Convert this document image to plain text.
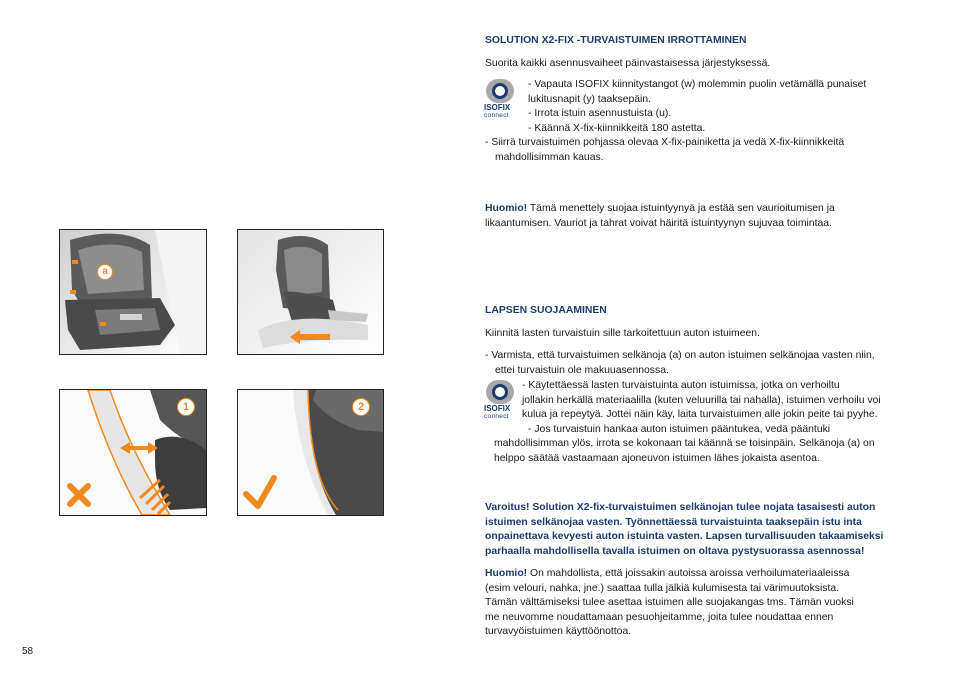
a
1	2
58
SOLUTION X2-FIX -TURVAISTUIMEN IRROTTAMINEN
Suorita kaikki asennusvaiheet päinvastaisessa järjestyksessä.
ISOFIX
connect
- Vapauta ISOFIX kiinnitystangot (w) molemmin puolin vetämällä punaiset
lukitusnapit (y) taaksepäin.
- Irrota istuin asennustuista (u).
- Käännä X-fix-kiinnikkeitä 180 astetta.
- Siirrä turvaistuimen pohjassa olevaa X-fix-painiketta ja vedä X-fix-kiinnikkeitä
mahdollisimman kauas.
Huomio! Tämä menettely suojaa istuintyynyä ja estää sen vaurioitumisen ja
likaantumisen. Vauriot ja tahrat voivat häiritä istuintyynyn sujuvaa toimintaa.
LAPSEN SUOJAAMINEN
Kiinnitä lasten turvaistuin sille tarkoitettuun auton istuimeen.
- Varmista, että turvaistuimen selkänoja (a) on auton istuimen selkänojaa vasten niin,
ettei turvaistuin ole makuuasennossa.
ISOFIX
connect
- Käytettäessä lasten turvaistuinta auton istuimissa, jotka on verhoiltu
jollakin herkällä materiaalilla (kuten veluurilla tai nahalla), istuimen verhoilu voi
kulua ja repeytyä. Jottei näin käy, laita turvaistuimen alle jokin peite tai pyyhe.
- Jos turvaistuin hankaa auton istuimen pääntukea, vedä pääntuki
mahdollisimman ylös, irrota se kokonaan tai käännä se toisinpäin. Selkänoja (a) on
helppo säätää vastaamaan ajoneuvon istuimen lähes jokaista asentoa.
Varoitus! Solution X2-fix-turvaistuimen selkänojan tulee nojata tasaisesti auton
istuimen selkänojaa vasten. Työnnettäessä turvaistuinta taaksepäin istu inta
onpainettava kevyesti auton istuinta vasten. Lapsen turvallisuuden takaamiseksi
parhaalla mahdollisella tavalla istuimen on oltava pystysuorassa asennossa!
Huomio! On mahdollista, että joissakin autoissa aroissa verhoilumateriaaleissa
(esim velouri, nahka, jne.) saattaa tulla jälkiä kulumisesta tai värimuutoksista.
Tämän välttämiseksi tulee asettaa istuimen alle suojakangas tms. Tämän vuoksi
me neuvomme noudattamaan pesuohjeitamme, joita tulee noudattaa ennen
turvavyöistuimen käyttöönottoa.
